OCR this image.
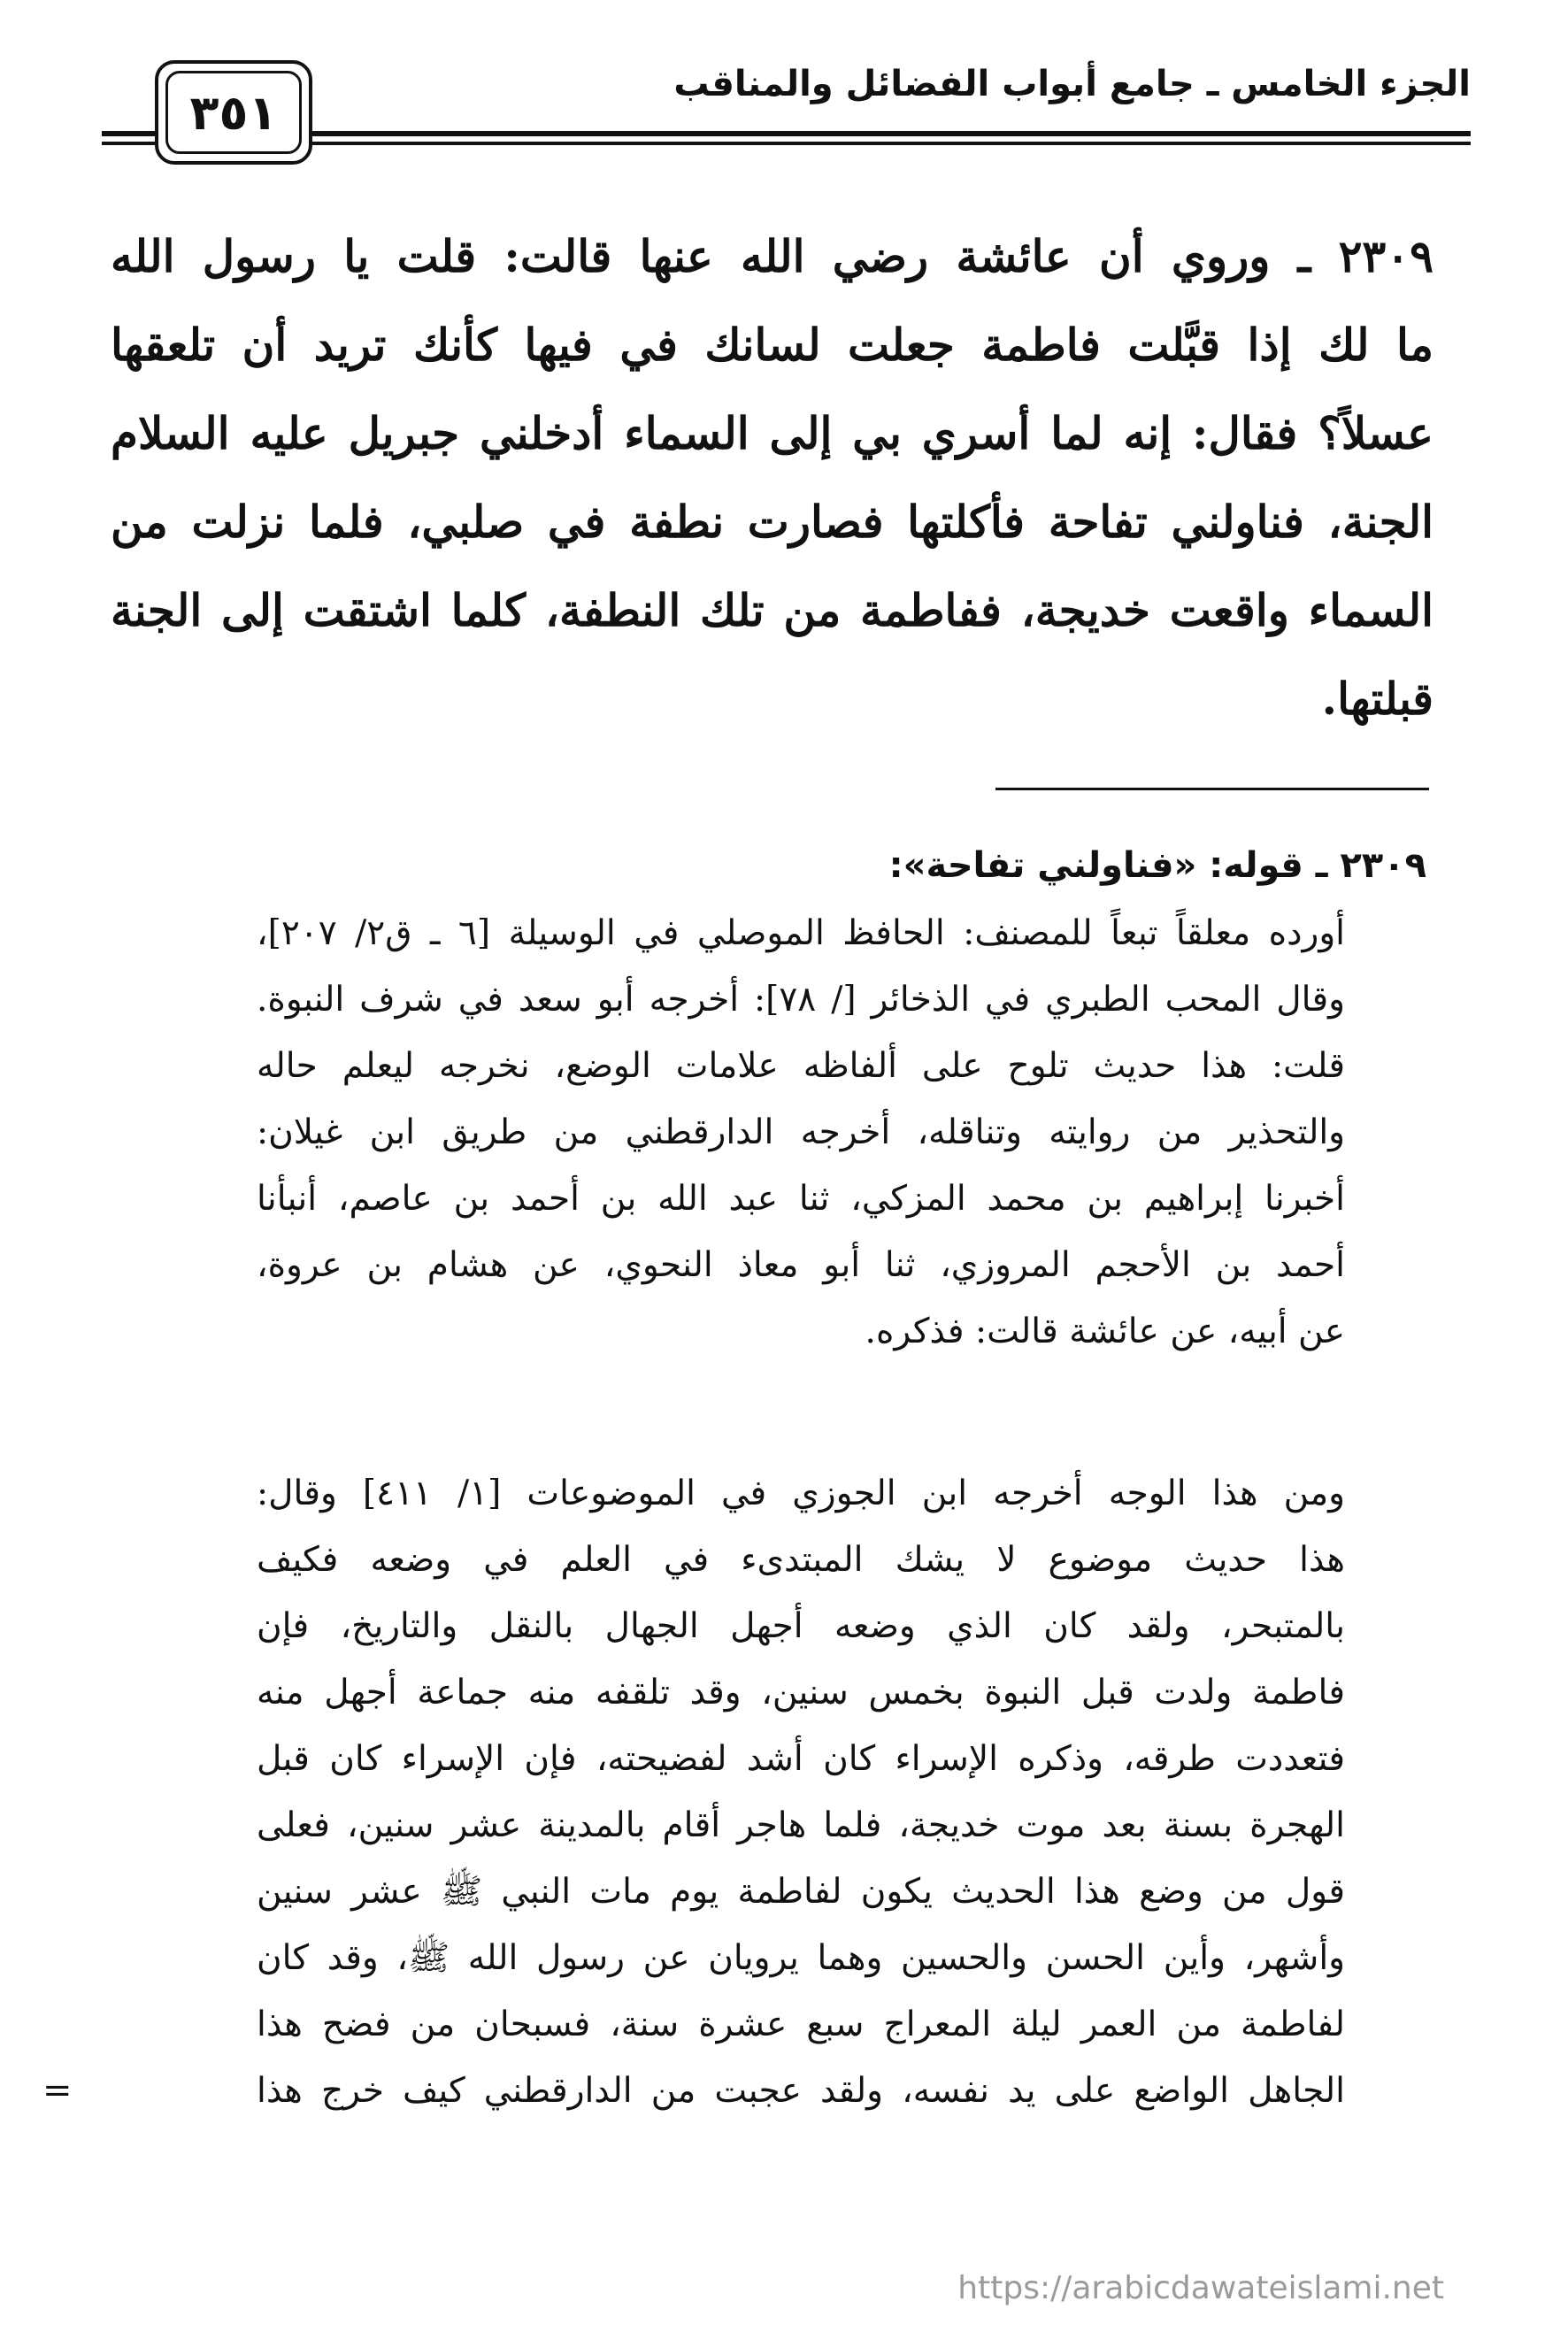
الجزء الخامس ـ جامع أبواب الفضائل والمناقب
٣٥١
٢٣٠٩ ـ وروي أن عائشة رضي الله عنها قالت: قلت يا رسول الله
ما لك إذا قبَّلت فاطمة جعلت لسانك في فيها كأنك تريد أن تلعقها
عسلاً؟ فقال: إنه لما أسري بي إلى السماء أدخلني جبريل عليه السلام
الجنة، فناولني تفاحة فأكلتها فصارت نطفة في صلبي، فلما نزلت من
السماء واقعت خديجة، ففاطمة من تلك النطفة، كلما اشتقت إلى الجنة
قبلتها.
٢٣٠٩ ـ قوله: «فناولني تفاحة»:
أورده معلقاً تبعاً للمصنف: الحافظ الموصلي في الوسيلة [٦ ـ ق٢/ ٢٠٧]،
وقال المحب الطبري في الذخائر [/ ٧٨]: أخرجه أبو سعد في شرف النبوة.
قلت: هذا حديث تلوح على ألفاظه علامات الوضع، نخرجه ليعلم حاله
والتحذير من روايته وتناقله، أخرجه الدارقطني من طريق ابن غيلان:
أخبرنا إبراهيم بن محمد المزكي، ثنا عبد الله بن أحمد بن عاصم، أنبأنا
أحمد بن الأحجم المروزي، ثنا أبو معاذ النحوي، عن هشام بن عروة،
عن أبيه، عن عائشة قالت: فذكره.
ومن هذا الوجه أخرجه ابن الجوزي في الموضوعات [١/ ٤١١] وقال:
هذا حديث موضوع لا يشك المبتدىء في العلم في وضعه فكيف
بالمتبحر، ولقد كان الذي وضعه أجهل الجهال بالنقل والتاريخ، فإن
فاطمة ولدت قبل النبوة بخمس سنين، وقد تلقفه منه جماعة أجهل منه
فتعددت طرقه، وذكره الإسراء كان أشد لفضيحته، فإن الإسراء كان قبل
الهجرة بسنة بعد موت خديجة، فلما هاجر أقام بالمدينة عشر سنين، فعلى
قول من وضع هذا الحديث يكون لفاطمة يوم مات النبي ﷺ عشر سنين
وأشهر، وأين الحسن والحسين وهما يرويان عن رسول الله ﷺ، وقد كان
لفاطمة من العمر ليلة المعراج سبع عشرة سنة، فسبحان من فضح هذا
الجاهل الواضع على يد نفسه، ولقد عجبت من الدارقطني كيف خرج هذا
=
https://arabicdawateislami.net
